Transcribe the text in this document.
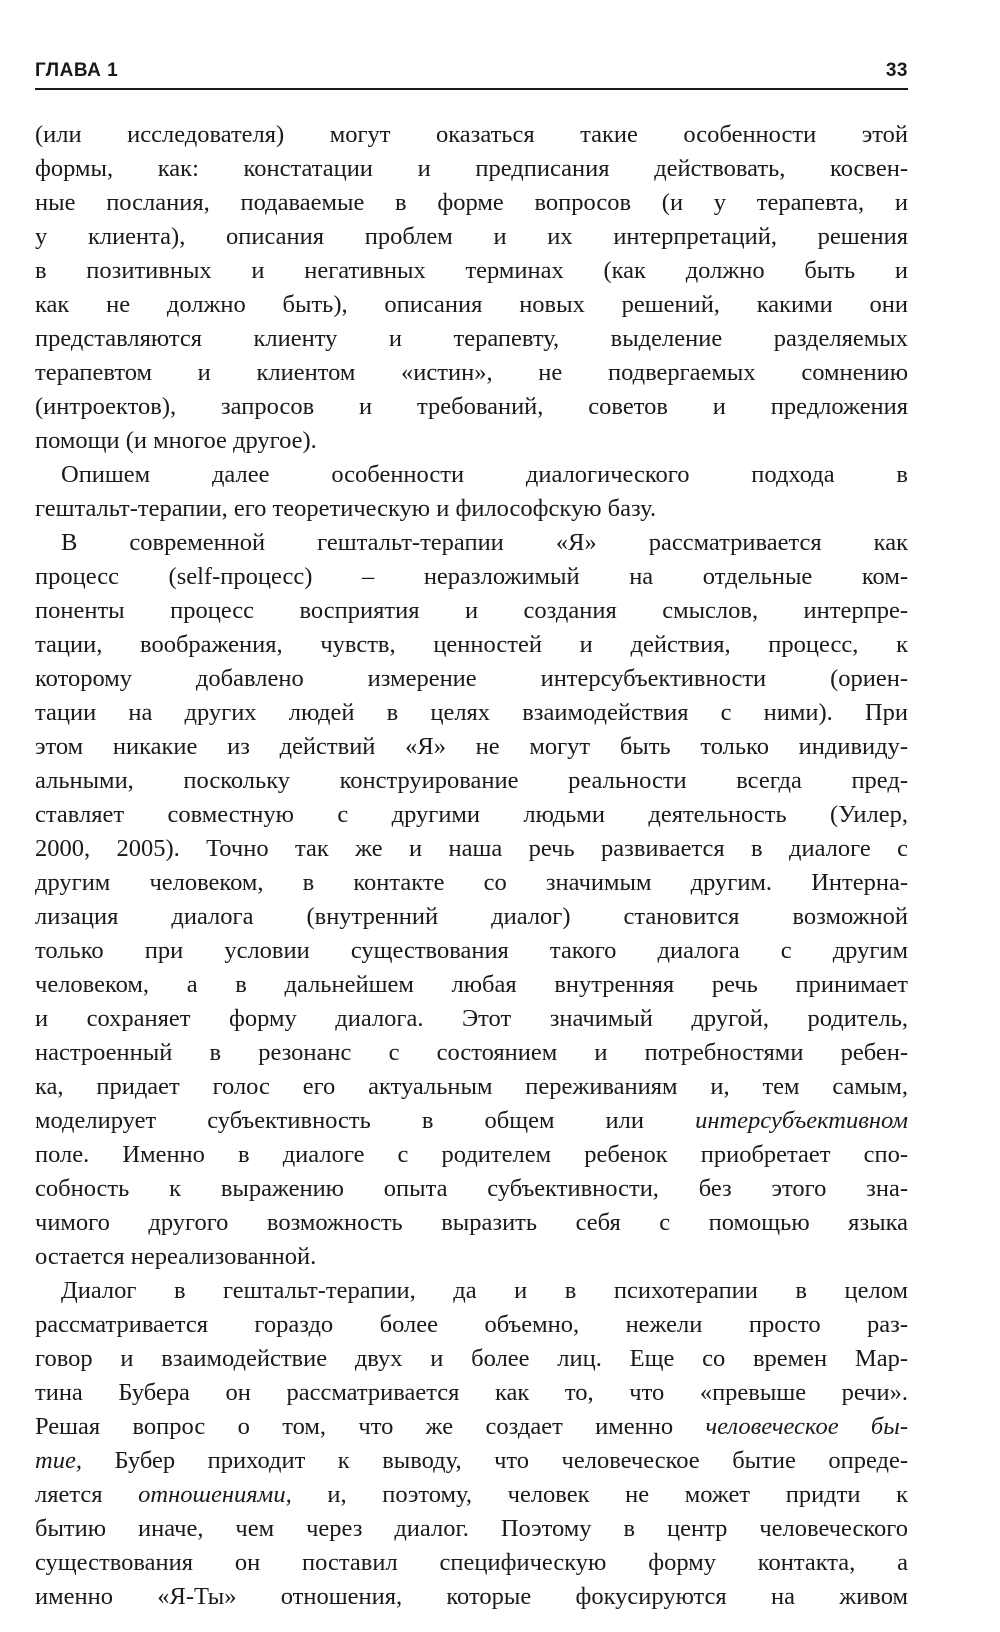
ГЛАВА 1	33
(или исследователя) могут оказаться такие особенности этой
формы, как: констатации и предписания действовать, косвен-
ные послания, подаваемые в форме вопросов (и у терапевта, и
у клиента), описания проблем и их интерпретаций, решения
в позитивных и негативных терминах (как должно быть и
как не должно быть), описания новых решений, какими они
представляются клиенту и терапевту, выделение разделяемых
терапевтом и клиентом «истин», не подвергаемых сомнению
(интроектов), запросов и требований, советов и предложения
помощи (и многое другое).
Опишем далее особенности диалогического подхода в
гештальт-терапии, его теоретическую и философскую базу.
В современной гештальт-терапии «Я» рассматривается как
процесс (self-процесс) – неразложимый на отдельные ком-
поненты процесс восприятия и создания смыслов, интерпре-
тации, воображения, чувств, ценностей и действия, процесс, к
которому добавлено измерение интерсубъективности (ориен-
тации на других людей в целях взаимодействия с ними). При
этом никакие из действий «Я» не могут быть только индивиду-
альными, поскольку конструирование реальности всегда пред-
ставляет совместную с другими людьми деятельность (Уилер,
2000, 2005). Точно так же и наша речь развивается в диалоге с
другим человеком, в контакте со значимым другим. Интерна-
лизация диалога (внутренний диалог) становится возможной
только при условии существования такого диалога с другим
человеком, а в дальнейшем любая внутренняя речь принимает
и сохраняет форму диалога. Этот значимый другой, родитель,
настроенный в резонанс с состоянием и потребностями ребен-
ка, придает голос его актуальным переживаниям и, тем самым,
моделирует субъективность в общем или интерсубъективном
поле. Именно в диалоге с родителем ребенок приобретает спо-
собность к выражению опыта субъективности, без этого зна-
чимого другого возможность выразить себя с помощью языка
остается нереализованной.
Диалог в гештальт-терапии, да и в психотерапии в целом
рассматривается гораздо более объемно, нежели просто раз-
говор и взаимодействие двух и более лиц. Еще со времен Мар-
тина Бубера он рассматривается как то, что «превыше речи».
Решая вопрос о том, что же создает именно человеческое бы-
тие, Бубер приходит к выводу, что человеческое бытие опреде-
ляется отношениями, и, поэтому, человек не может придти к
бытию иначе, чем через диалог. Поэтому в центр человеческого
существования он поставил специфическую форму контакта, а
именно «Я-Ты» отношения, которые фокусируются на живом
